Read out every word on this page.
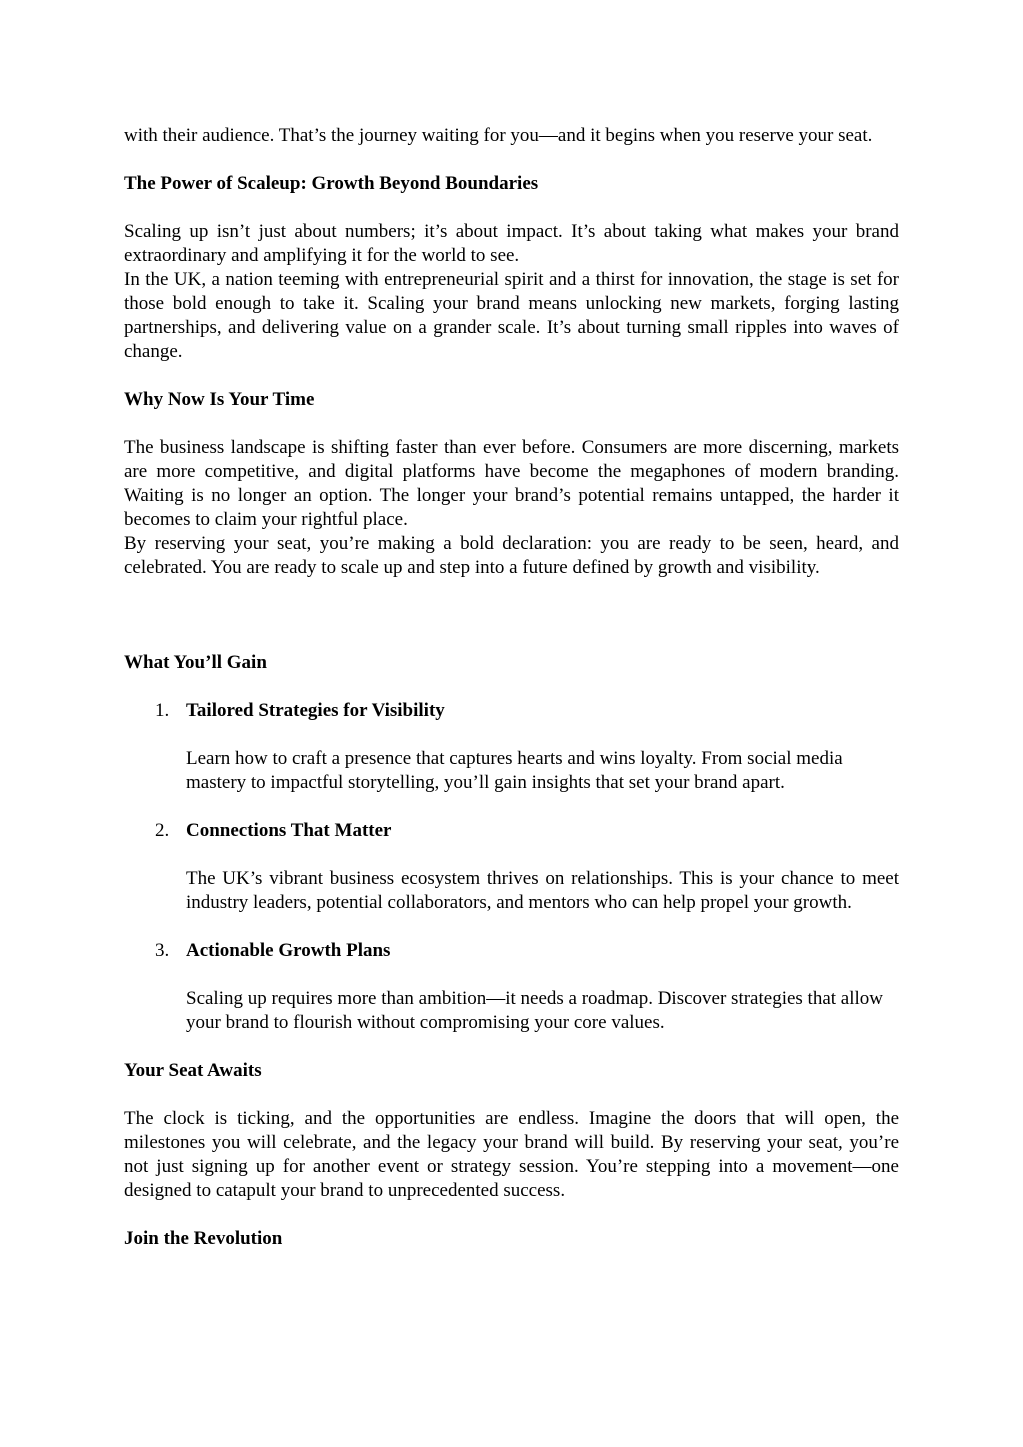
with their audience. That’s the journey waiting for you—and it begins when you reserve your seat.

The Power of Scaleup: Growth Beyond Boundaries

Scaling up isn’t just about numbers; it’s about impact. It’s about taking what makes your brand extraordinary and amplifying it for the world to see.

In the UK, a nation teeming with entrepreneurial spirit and a thirst for innovation, the stage is set for those bold enough to take it. Scaling your brand means unlocking new markets, forging lasting partnerships, and delivering value on a grander scale. It’s about turning small ripples into waves of change.

Why Now Is Your Time

The business landscape is shifting faster than ever before. Consumers are more discerning, markets are more competitive, and digital platforms have become the megaphones of modern branding. Waiting is no longer an option. The longer your brand’s potential remains untapped, the harder it becomes to claim your rightful place.

By reserving your seat, you’re making a bold declaration: you are ready to be seen, heard, and celebrated. You are ready to scale up and step into a future defined by growth and visibility.

What You’ll Gain

1. Tailored Strategies for Visibility

Learn how to craft a presence that captures hearts and wins loyalty. From social media mastery to impactful storytelling, you’ll gain insights that set your brand apart.

2. Connections That Matter

The UK’s vibrant business ecosystem thrives on relationships. This is your chance to meet industry leaders, potential collaborators, and mentors who can help propel your growth.

3. Actionable Growth Plans

Scaling up requires more than ambition—it needs a roadmap. Discover strategies that allow your brand to flourish without compromising your core values.

Your Seat Awaits

The clock is ticking, and the opportunities are endless. Imagine the doors that will open, the milestones you will celebrate, and the legacy your brand will build. By reserving your seat, you’re not just signing up for another event or strategy session. You’re stepping into a movement—one designed to catapult your brand to unprecedented success.

Join the Revolution
